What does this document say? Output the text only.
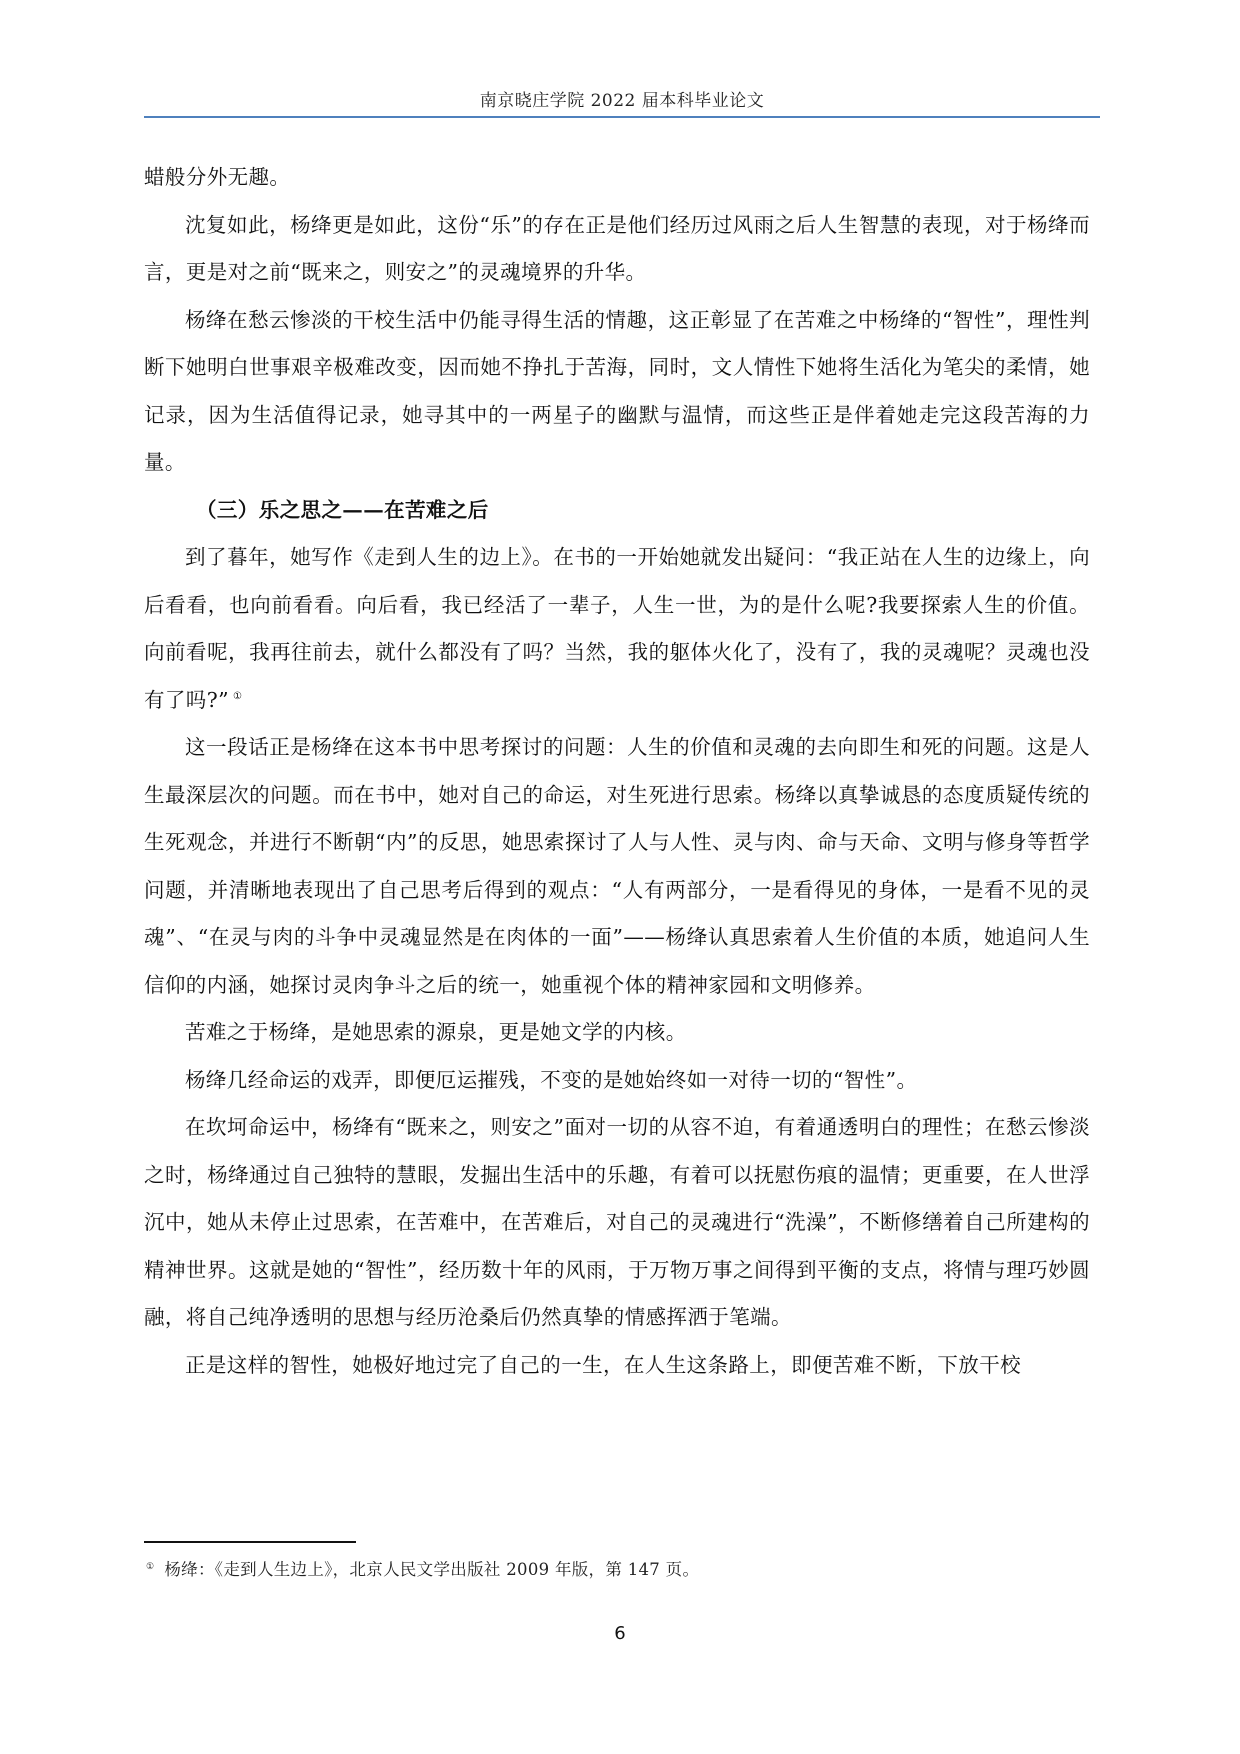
南京晓庄学院 2022 届本科毕业论文

蜡般分外无趣。

沈复如此，杨绛更是如此，这份“乐”的存在正是他们经历过风雨之后人生智慧的表现，对于杨绛而言，更是对之前“既来之，则安之”的灵魂境界的升华。

杨绛在愁云惨淡的干校生活中仍能寻得生活的情趣，这正彰显了在苦难之中杨绛的“智性”，理性判断下她明白世事艰辛极难改变，因而她不挣扎于苦海，同时，文人情性下她将生活化为笔尖的柔情，她记录，因为生活值得记录，她寻其中的一两星子的幽默与温情，而这些正是伴着她走完这段苦海的力量。

（三）乐之思之——在苦难之后

到了暮年，她写作《走到人生的边上》。在书的一开始她就发出疑问：“我正站在人生的边缘上，向后看看，也向前看看。向后看，我已经活了一辈子，人生一世，为的是什么呢?我要探索人生的价值。向前看呢，我再往前去，就什么都没有了吗？当然，我的躯体火化了，没有了，我的灵魂呢？灵魂也没有了吗?” ①

这一段话正是杨绛在这本书中思考探讨的问题：人生的价值和灵魂的去向即生和死的问题。这是人生最深层次的问题。而在书中，她对自己的命运，对生死进行思索。杨绛以真挚诚恳的态度质疑传统的生死观念，并进行不断朝“内”的反思，她思索探讨了人与人性、灵与肉、命与天命、文明与修身等哲学问题，并清晰地表现出了自己思考后得到的观点：“人有两部分，一是看得见的身体，一是看不见的灵魂”、“在灵与肉的斗争中灵魂显然是在肉体的一面”——杨绛认真思索着人生价值的本质，她追问人生信仰的内涵，她探讨灵肉争斗之后的统一，她重视个体的精神家园和文明修养。

苦难之于杨绛，是她思索的源泉，更是她文学的内核。

杨绛几经命运的戏弄，即便厄运摧残，不变的是她始终如一对待一切的“智性”。

在坎坷命运中，杨绛有“既来之，则安之”面对一切的从容不迫，有着通透明白的理性；在愁云惨淡之时，杨绛通过自己独特的慧眼，发掘出生活中的乐趣，有着可以抚慰伤痕的温情；更重要，在人世浮沉中，她从未停止过思索，在苦难中，在苦难后，对自己的灵魂进行“洗澡”，不断修缮着自己所建构的精神世界。这就是她的“智性”，经历数十年的风雨，于万物万事之间得到平衡的支点，将情与理巧妙圆融，将自己纯净透明的思想与经历沧桑后仍然真挚的情感挥洒于笔端。

正是这样的智性，她极好地过完了自己的一生，在人生这条路上，即便苦难不断，下放干校

① 杨绛：《走到人生边上》，北京人民文学出版社 2009 年版，第 147 页。
6
